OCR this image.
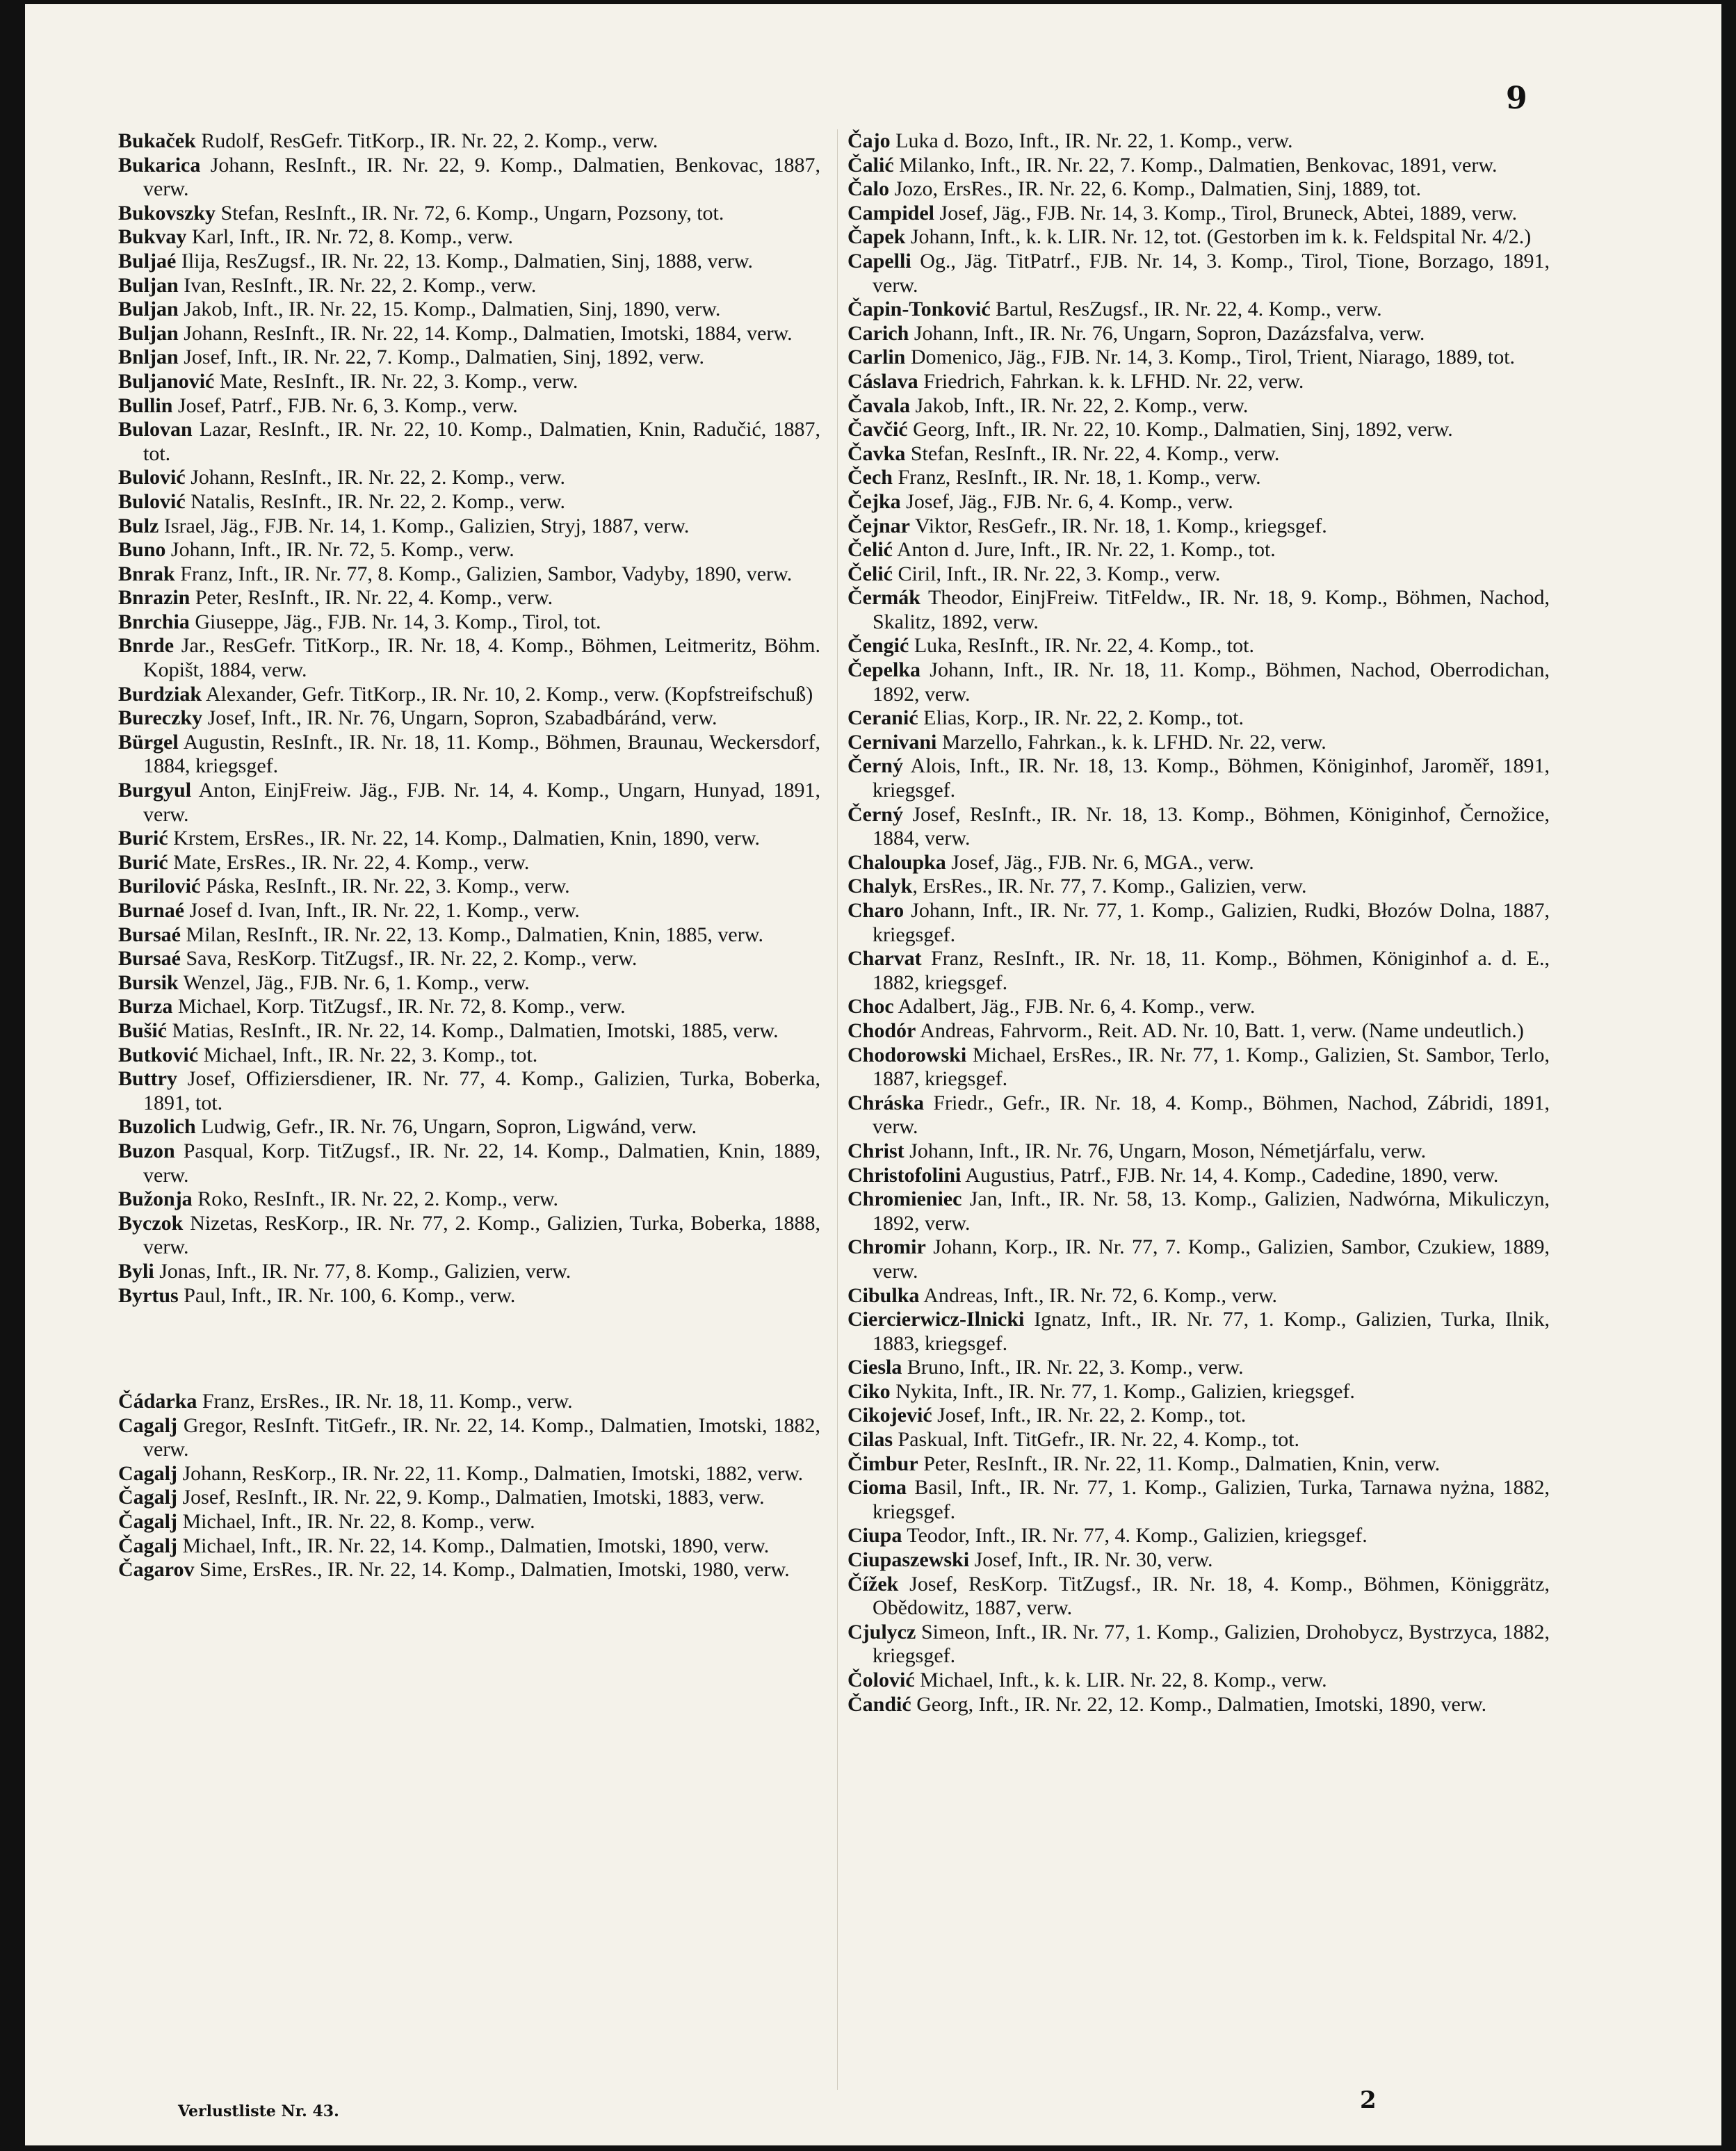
9

Bukaček Rudolf, ResGefr. TitKorp., IR. Nr. 22, 2. Komp., verw.

Bukarica Johann, ResInft., IR. Nr. 22, 9. Komp., Dalmatien, Benkovac, 1887, verw.

Bukovszky Stefan, ResInft., IR. Nr. 72, 6. Komp., Ungarn, Pozsony, tot.

Bukvay Karl, Inft., IR. Nr. 72, 8. Komp., verw.

Buljaé Ilija, ResZugsf., IR. Nr. 22, 13. Komp., Dalmatien, Sinj, 1888, verw.

Buljan Ivan, ResInft., IR. Nr. 22, 2. Komp., verw.

Buljan Jakob, Inft., IR. Nr. 22, 15. Komp., Dalmatien, Sinj, 1890, verw.

Buljan Johann, ResInft., IR. Nr. 22, 14. Komp., Dalmatien, Imotski, 1884, verw.

Bnljan Josef, Inft., IR. Nr. 22, 7. Komp., Dalmatien, Sinj, 1892, verw.

Buljanović Mate, ResInft., IR. Nr. 22, 3. Komp., verw.

Bullin Josef, Patrf., FJB. Nr. 6, 3. Komp., verw.

Bulovan Lazar, ResInft., IR. Nr. 22, 10. Komp., Dalmatien, Knin, Radučić, 1887, tot.

Bulović Johann, ResInft., IR. Nr. 22, 2. Komp., verw.

Bulović Natalis, ResInft., IR. Nr. 22, 2. Komp., verw.

Bulz Israel, Jäg., FJB. Nr. 14, 1. Komp., Galizien, Stryj, 1887, verw.

Buno Johann, Inft., IR. Nr. 72, 5. Komp., verw.

Bnrak Franz, Inft., IR. Nr. 77, 8. Komp., Galizien, Sambor, Vadyby, 1890, verw.

Bnrazin Peter, ResInft., IR. Nr. 22, 4. Komp., verw.

Bnrchia Giuseppe, Jäg., FJB. Nr. 14, 3. Komp., Tirol, tot.

Bnrde Jar., ResGefr. TitKorp., IR. Nr. 18, 4. Komp., Böhmen, Leitmeritz, Böhm. Kopišt, 1884, verw.

Burdziak Alexander, Gefr. TitKorp., IR. Nr. 10, 2. Komp., verw. (Kopfstreifschuß)

Bureczky Josef, Inft., IR. Nr. 76, Ungarn, Sopron, Szabadbáránd, verw.

Bürgel Augustin, ResInft., IR. Nr. 18, 11. Komp., Böhmen, Braunau, Weckersdorf, 1884, kriegsgef.

Burgyul Anton, EinjFreiw. Jäg., FJB. Nr. 14, 4. Komp., Ungarn, Hunyad, 1891, verw.

Burić Krstem, ErsRes., IR. Nr. 22, 14. Komp., Dalmatien, Knin, 1890, verw.

Burić Mate, ErsRes., IR. Nr. 22, 4. Komp., verw.

Burilović Páska, ResInft., IR. Nr. 22, 3. Komp., verw.

Burnaé Josef d. Ivan, Inft., IR. Nr. 22, 1. Komp., verw.

Bursaé Milan, ResInft., IR. Nr. 22, 13. Komp., Dalmatien, Knin, 1885, verw.

Bursaé Sava, ResKorp. TitZugsf., IR. Nr. 22, 2. Komp., verw.

Bursik Wenzel, Jäg., FJB. Nr. 6, 1. Komp., verw.

Burza Michael, Korp. TitZugsf., IR. Nr. 72, 8. Komp., verw.

Bušić Matias, ResInft., IR. Nr. 22, 14. Komp., Dalmatien, Imotski, 1885, verw.

Butković Michael, Inft., IR. Nr. 22, 3. Komp., tot.

Buttry Josef, Offiziersdiener, IR. Nr. 77, 4. Komp., Galizien, Turka, Boberka, 1891, tot.

Buzolich Ludwig, Gefr., IR. Nr. 76, Ungarn, Sopron, Ligwánd, verw.

Buzon Pasqual, Korp. TitZugsf., IR. Nr. 22, 14. Komp., Dalmatien, Knin, 1889, verw.

Bužonja Roko, ResInft., IR. Nr. 22, 2. Komp., verw.

Byczok Nizetas, ResKorp., IR. Nr. 77, 2. Komp., Galizien, Turka, Boberka, 1888, verw.

Byli Jonas, Inft., IR. Nr. 77, 8. Komp., Galizien, verw.

Byrtus Paul, Inft., IR. Nr. 100, 6. Komp., verw.

Čádarka Franz, ErsRes., IR. Nr. 18, 11. Komp., verw.

Cagalj Gregor, ResInft. TitGefr., IR. Nr. 22, 14. Komp., Dalmatien, Imotski, 1882, verw.

Cagalj Johann, ResKorp., IR. Nr. 22, 11. Komp., Dalmatien, Imotski, 1882, verw.

Čagalj Josef, ResInft., IR. Nr. 22, 9. Komp., Dalmatien, Imotski, 1883, verw.

Čagalj Michael, Inft., IR. Nr. 22, 8. Komp., verw.

Čagalj Michael, Inft., IR. Nr. 22, 14. Komp., Dalmatien, Imotski, 1890, verw.

Čagarov Sime, ErsRes., IR. Nr. 22, 14. Komp., Dalmatien, Imotski, 1980, verw.

Čajo Luka d. Bozo, Inft., IR. Nr. 22, 1. Komp., verw.

Čalić Milanko, Inft., IR. Nr. 22, 7. Komp., Dalmatien, Benkovac, 1891, verw.

Čalo Jozo, ErsRes., IR. Nr. 22, 6. Komp., Dalmatien, Sinj, 1889, tot.

Campidel Josef, Jäg., FJB. Nr. 14, 3. Komp., Tirol, Bruneck, Abtei, 1889, verw.

Čapek Johann, Inft., k. k. LIR. Nr. 12, tot. (Gestorben im k. k. Feldspital Nr. 4/2.)

Capelli Og., Jäg. TitPatrf., FJB. Nr. 14, 3. Komp., Tirol, Tione, Borzago, 1891, verw.

Čapin-Tonković Bartul, ResZugsf., IR. Nr. 22, 4. Komp., verw.

Carich Johann, Inft., IR. Nr. 76, Ungarn, Sopron, Dazázsfalva, verw.

Carlin Domenico, Jäg., FJB. Nr. 14, 3. Komp., Tirol, Trient, Niarago, 1889, tot.

Cáslava Friedrich, Fahrkan. k. k. LFHD. Nr. 22, verw.

Čavala Jakob, Inft., IR. Nr. 22, 2. Komp., verw.

Čavčić Georg, Inft., IR. Nr. 22, 10. Komp., Dalmatien, Sinj, 1892, verw.

Čavka Stefan, ResInft., IR. Nr. 22, 4. Komp., verw.

Čech Franz, ResInft., IR. Nr. 18, 1. Komp., verw.

Čejka Josef, Jäg., FJB. Nr. 6, 4. Komp., verw.

Čejnar Viktor, ResGefr., IR. Nr. 18, 1. Komp., kriegsgef.

Čelić Anton d. Jure, Inft., IR. Nr. 22, 1. Komp., tot.

Čelić Ciril, Inft., IR. Nr. 22, 3. Komp., verw.

Čermák Theodor, EinjFreiw. TitFeldw., IR. Nr. 18, 9. Komp., Böhmen, Nachod, Skalitz, 1892, verw.

Čengić Luka, ResInft., IR. Nr. 22, 4. Komp., tot.

Čepelka Johann, Inft., IR. Nr. 18, 11. Komp., Böhmen, Nachod, Oberrodichan, 1892, verw.

Ceranić Elias, Korp., IR. Nr. 22, 2. Komp., tot.

Cernivani Marzello, Fahrkan., k. k. LFHD. Nr. 22, verw.

Černý Alois, Inft., IR. Nr. 18, 13. Komp., Böhmen, Königinhof, Jaroměř, 1891, kriegsgef.

Černý Josef, ResInft., IR. Nr. 18, 13. Komp., Böhmen, Königinhof, Černožice, 1884, verw.

Chaloupka Josef, Jäg., FJB. Nr. 6, MGA., verw.

Chalyk, ErsRes., IR. Nr. 77, 7. Komp., Galizien, verw.

Charo Johann, Inft., IR. Nr. 77, 1. Komp., Galizien, Rudki, Błozów Dolna, 1887, kriegsgef.

Charvat Franz, ResInft., IR. Nr. 18, 11. Komp., Böhmen, Königinhof a. d. E., 1882, kriegsgef.

Choc Adalbert, Jäg., FJB. Nr. 6, 4. Komp., verw.

Chodór Andreas, Fahrvorm., Reit. AD. Nr. 10, Batt. 1, verw. (Name undeutlich.)

Chodorowski Michael, ErsRes., IR. Nr. 77, 1. Komp., Galizien, St. Sambor, Terlo, 1887, kriegsgef.

Chráska Friedr., Gefr., IR. Nr. 18, 4. Komp., Böhmen, Nachod, Zábridi, 1891, verw.

Christ Johann, Inft., IR. Nr. 76, Ungarn, Moson, Németjárfalu, verw.

Christofolini Augustius, Patrf., FJB. Nr. 14, 4. Komp., Cadedine, 1890, verw.

Chromieniec Jan, Inft., IR. Nr. 58, 13. Komp., Galizien, Nadwórna, Mikuliczyn, 1892, verw.

Chromir Johann, Korp., IR. Nr. 77, 7. Komp., Galizien, Sambor, Czukiew, 1889, verw.

Cibulka Andreas, Inft., IR. Nr. 72, 6. Komp., verw.

Ciercierwicz-Ilnicki Ignatz, Inft., IR. Nr. 77, 1. Komp., Galizien, Turka, Ilnik, 1883, kriegsgef.

Ciesla Bruno, Inft., IR. Nr. 22, 3. Komp., verw.

Ciko Nykita, Inft., IR. Nr. 77, 1. Komp., Galizien, kriegsgef.

Cikojević Josef, Inft., IR. Nr. 22, 2. Komp., tot.

Cilas Paskual, Inft. TitGefr., IR. Nr. 22, 4. Komp., tot.

Čimbur Peter, ResInft., IR. Nr. 22, 11. Komp., Dalmatien, Knin, verw.

Cioma Basil, Inft., IR. Nr. 77, 1. Komp., Galizien, Turka, Tarnawa nyżna, 1882, kriegsgef.

Ciupa Teodor, Inft., IR. Nr. 77, 4. Komp., Galizien, kriegsgef.

Ciupaszewski Josef, Inft., IR. Nr. 30, verw.

Čížek Josef, ResKorp. TitZugsf., IR. Nr. 18, 4. Komp., Böhmen, Königgrätz, Obědowitz, 1887, verw.

Cjulycz Simeon, Inft., IR. Nr. 77, 1. Komp., Galizien, Drohobycz, Bystrzyca, 1882, kriegsgef.

Čolović Michael, Inft., k. k. LIR. Nr. 22, 8. Komp., verw.

Čandić Georg, Inft., IR. Nr. 22, 12. Komp., Dalmatien, Imotski, 1890, verw.

2
Verlustliste Nr. 43.
